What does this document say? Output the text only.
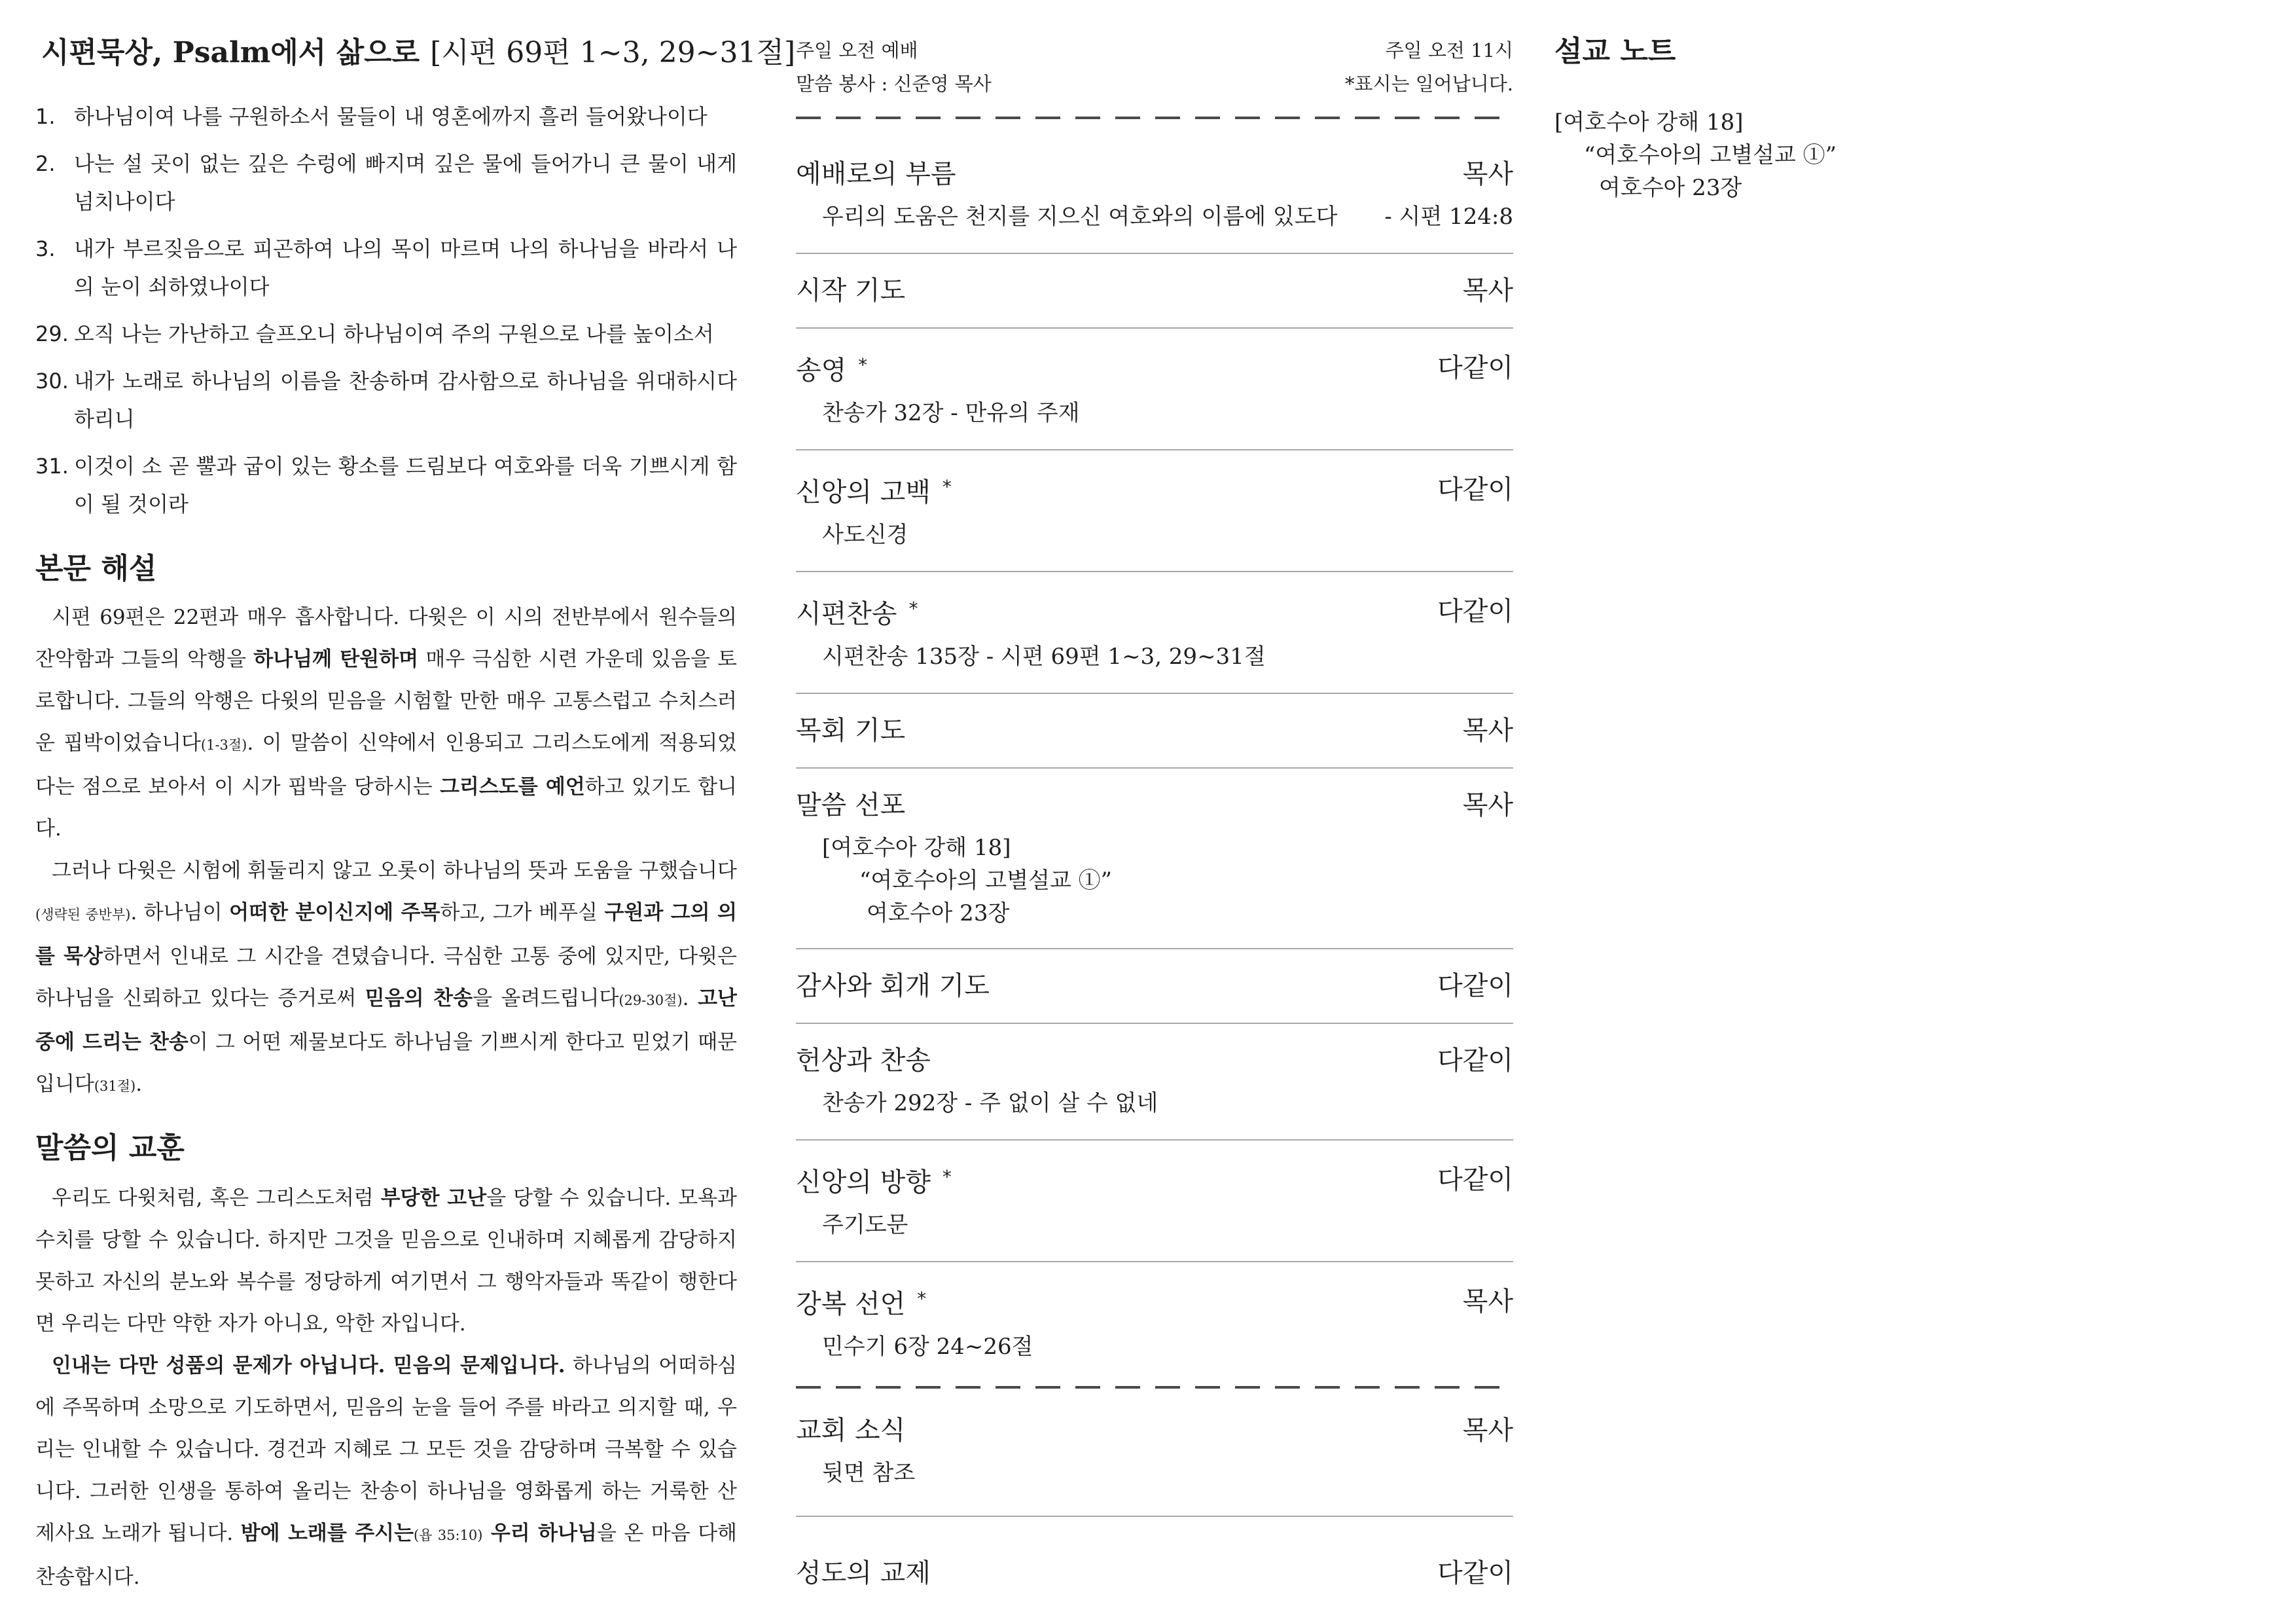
시편묵상, Psalm에서 삶으로 [시편 69편 1~3, 29~31절]
1. 하나님이여 나를 구원하소서 물들이 내 영혼에까지 흘러 들어왔나이다
2. 나는 설 곳이 없는 깊은 수렁에 빠지며 깊은 물에 들어가니 큰 물이 내게 넘치나이다
3. 내가 부르짖음으로 피곤하여 나의 목이 마르며 나의 하나님을 바라서 나의 눈이 쇠하였나이다
29. 오직 나는 가난하고 슬프오니 하나님이여 주의 구원으로 나를 높이소서
30. 내가 노래로 하나님의 이름을 찬송하며 감사함으로 하나님을 위대하시다 하리니
31. 이것이 소 곧 뿔과 굽이 있는 황소를 드림보다 여호와를 더욱 기쁘시게 함이 될 것이라
본문 해설

시편 69편은 22편과 매우 흡사합니다. 다윗은 이 시의 전반부에서 원수들의 잔악함과 그들의 악행을 하나님께 탄원하며 매우 극심한 시련 가운데 있음을 토로합니다. 그들의 악행은 다윗의 믿음을 시험할 만한 매우 고통스럽고 수치스러운 핍박이었습니다(1-3절). 이 말씀이 신약에서 인용되고 그리스도에게 적용되었다는 점으로 보아서 이 시가 핍박을 당하시는 그리스도를 예언하고 있기도 합니다.

그러나 다윗은 시험에 휘둘리지 않고 오롯이 하나님의 뜻과 도움을 구했습니다(생략된 중반부). 하나님이 어떠한 분이신지에 주목하고, 그가 베푸실 구원과 그의 의를 묵상하면서 인내로 그 시간을 견뎠습니다. 극심한 고통 중에 있지만, 다윗은 하나님을 신뢰하고 있다는 증거로써 믿음의 찬송을 올려드립니다(29-30절). 고난 중에 드리는 찬송이 그 어떤 제물보다도 하나님을 기쁘시게 한다고 믿었기 때문입니다(31절).

말씀의 교훈

우리도 다윗처럼, 혹은 그리스도처럼 부당한 고난을 당할 수 있습니다. 모욕과 수치를 당할 수 있습니다. 하지만 그것을 믿음으로 인내하며 지혜롭게 감당하지 못하고 자신의 분노와 복수를 정당하게 여기면서 그 행악자들과 똑같이 행한다면 우리는 다만 약한 자가 아니요, 악한 자입니다.

인내는 다만 성품의 문제가 아닙니다. 믿음의 문제입니다. 하나님의 어떠하심에 주목하며 소망으로 기도하면서, 믿음의 눈을 들어 주를 바라고 의지할 때, 우리는 인내할 수 있습니다. 경건과 지혜로 그 모든 것을 감당하며 극복할 수 있습니다. 그러한 인생을 통하여 올리는 찬송이 하나님을 영화롭게 하는 거룩한 산 제사요 노래가 됩니다. 밤에 노래를 주시는(욥 35:10) 우리 하나님을 온 마음 다해 찬송합시다.

주일 오전 예배	주일 오전 11시
말씀 봉사 : 신준영 목사	*표시는 일어납니다.
예배로의 부름	목사
우리의 도움은 천지를 지으신 여호와의 이름에 있도다 - 시편 124:8
시작 기도	목사
송영 *	다같이
찬송가 32장 - 만유의 주재
신앙의 고백 *	다같이
사도신경
시편찬송 *	다같이
시편찬송 135장 - 시편 69편 1~3, 29~31절
목회 기도	목사
말씀 선포	목사
[여호수아 강해 18]
“여호수아의 고별설교 ①”
여호수아 23장
감사와 회개 기도	다같이
헌상과 찬송	다같이
찬송가 292장 - 주 없이 살 수 없네
신앙의 방향 *	다같이
주기도문
강복 선언 *	목사
민수기 6장 24~26절
교회 소식	목사
뒷면 참조
성도의 교제	다같이
설교 노트
[여호수아 강해 18]
“여호수아의 고별설교 ①”
여호수아 23장
